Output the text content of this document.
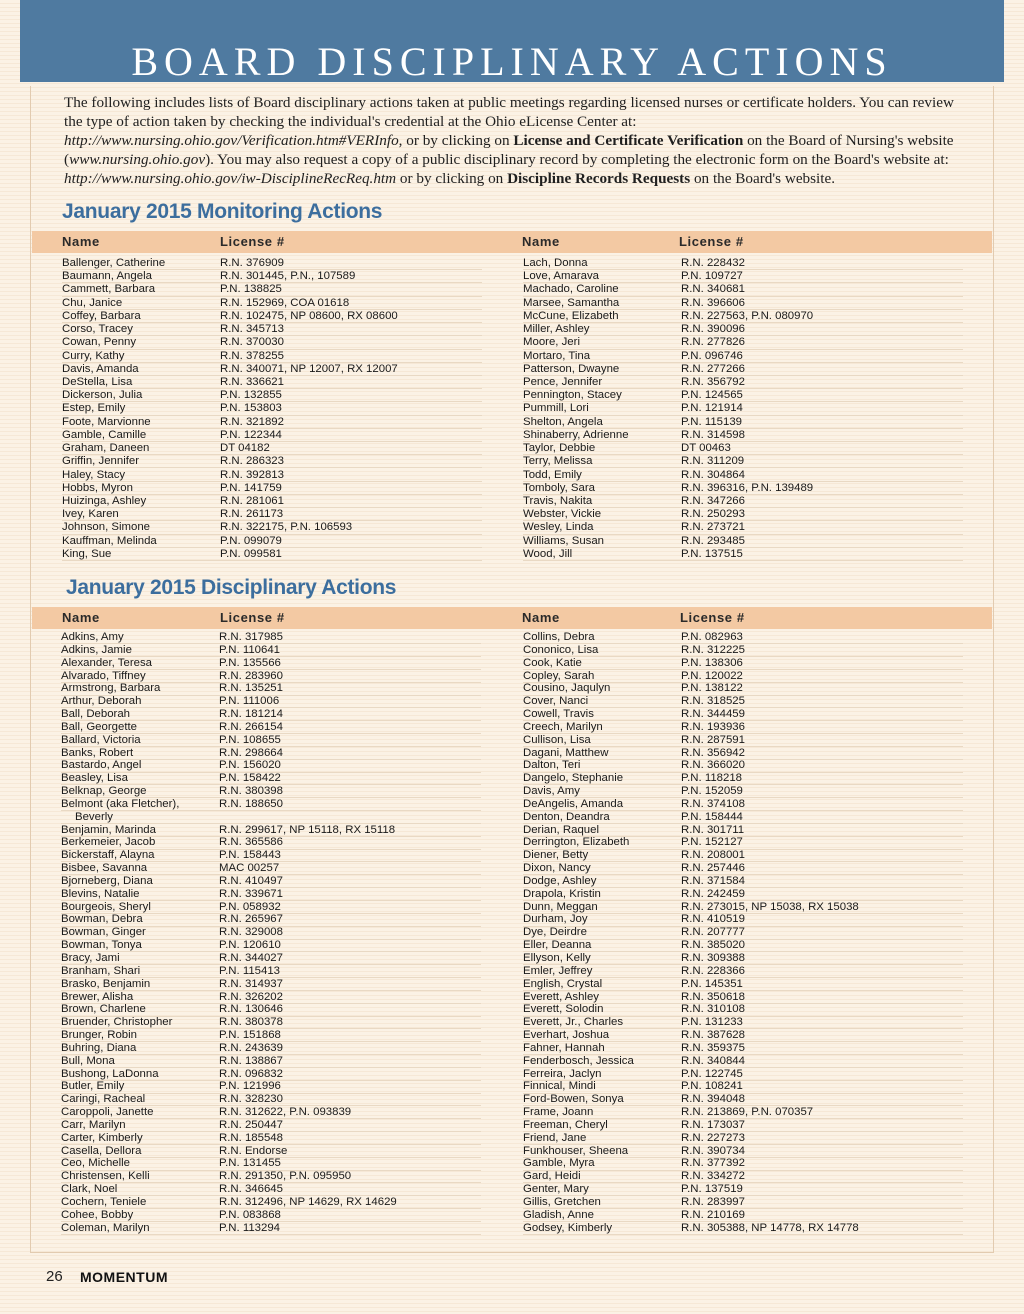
BOARD DISCIPLINARY ACTIONS
The following includes lists of Board disciplinary actions taken at public meetings regarding licensed nurses or certificate holders. You can review the type of action taken by checking the individual's credential at the Ohio eLicense Center at: http://www.nursing.ohio.gov/Verification.htm#VERInfo, or by clicking on License and Certificate Verification on the Board of Nursing's website (www.nursing.ohio.gov). You may also request a copy of a public disciplinary record by completing the electronic form on the Board's website at: http://www.nursing.ohio.gov/iw-DisciplineRecReq.htm or by clicking on Discipline Records Requests on the Board's website.
January 2015 Monitoring Actions
Name	License #	Name	License #
Ballenger, Catherine	R.N. 376909
Baumann, Angela	R.N. 301445, P.N., 107589
Cammett, Barbara	P.N. 138825
Chu, Janice	R.N. 152969, COA 01618
Coffey, Barbara	R.N. 102475, NP 08600, RX 08600
Corso, Tracey	R.N. 345713
Cowan, Penny	R.N. 370030
Curry, Kathy	R.N. 378255
Davis, Amanda	R.N. 340071, NP 12007, RX 12007
DeStella, Lisa	R.N. 336621
Dickerson, Julia	P.N. 132855
Estep, Emily	P.N. 153803
Foote, Marvionne	R.N. 321892
Gamble, Camille	P.N. 122344
Graham, Daneen	DT 04182
Griffin, Jennifer	R.N. 286323
Haley, Stacy	R.N. 392813
Hobbs, Myron	P.N. 141759
Huizinga, Ashley	R.N. 281061
Ivey, Karen	R.N. 261173
Johnson, Simone	R.N. 322175, P.N. 106593
Kauffman, Melinda	P.N. 099079
King, Sue	P.N. 099581
Lach, Donna	R.N. 228432
Love, Amarava	P.N. 109727
Machado, Caroline	R.N. 340681
Marsee, Samantha	R.N. 396606
McCune, Elizabeth	R.N. 227563, P.N. 080970
Miller, Ashley	R.N. 390096
Moore, Jeri	R.N. 277826
Mortaro, Tina	P.N. 096746
Patterson, Dwayne	R.N. 277266
Pence, Jennifer	R.N. 356792
Pennington, Stacey	P.N. 124565
Pummill, Lori	P.N. 121914
Shelton, Angela	P.N. 115139
Shinaberry, Adrienne	R.N. 314598
Taylor, Debbie	DT 00463
Terry, Melissa	R.N. 311209
Todd, Emily	R.N. 304864
Tomboly, Sara	R.N. 396316, P.N. 139489
Travis, Nakita	R.N. 347266
Webster, Vickie	R.N. 250293
Wesley, Linda	R.N. 273721
Williams, Susan	R.N. 293485
Wood, Jill	P.N. 137515
January 2015 Disciplinary Actions
Name	License #	Name	License #
Adkins, Amy	R.N. 317985
Adkins, Jamie	P.N. 110641
Alexander, Teresa	P.N. 135566
Alvarado, Tiffney	R.N. 283960
Armstrong, Barbara	R.N. 135251
Arthur, Deborah	P.N. 111006
Ball, Deborah	R.N. 181214
Ball, Georgette	R.N. 266154
Ballard, Victoria	P.N. 108655
Banks, Robert	R.N. 298664
Bastardo, Angel	P.N. 156020
Beasley, Lisa	P.N. 158422
Belknap, George	R.N. 380398
Belmont (aka Fletcher),	R.N. 188650
Beverly
Benjamin, Marinda	R.N. 299617, NP 15118, RX 15118
Berkemeier, Jacob	R.N. 365586
Bickerstaff, Alayna	P.N. 158443
Bisbee, Savanna	MAC 00257
Bjorneberg, Diana	R.N. 410497
Blevins, Natalie	R.N. 339671
Bourgeois, Sheryl	P.N. 058932
Bowman, Debra	R.N. 265967
Bowman, Ginger	R.N. 329008
Bowman, Tonya	P.N. 120610
Bracy, Jami	R.N. 344027
Branham, Shari	P.N. 115413
Brasko, Benjamin	R.N. 314937
Brewer, Alisha	R.N. 326202
Brown, Charlene	R.N. 130646
Bruender, Christopher	R.N. 380378
Brunger, Robin	P.N. 151868
Buhring, Diana	R.N. 243639
Bull, Mona	R.N. 138867
Bushong, LaDonna	R.N. 096832
Butler, Emily	P.N. 121996
Caringi, Racheal	R.N. 328230
Caroppoli, Janette	R.N. 312622, P.N. 093839
Carr, Marilyn	R.N. 250447
Carter, Kimberly	R.N. 185548
Casella, Dellora	R.N. Endorse
Ceo, Michelle	P.N. 131455
Christensen, Kelli	R.N. 291350, P.N. 095950
Clark, Noel	R.N. 346645
Cochern, Teniele	R.N. 312496, NP 14629, RX 14629
Cohee, Bobby	P.N. 083868
Coleman, Marilyn	P.N. 113294
Collins, Debra	P.N. 082963
Cononico, Lisa	R.N. 312225
Cook, Katie	P.N. 138306
Copley, Sarah	P.N. 120022
Cousino, Jaqulyn	P.N. 138122
Cover, Nanci	R.N. 318525
Cowell, Travis	R.N. 344459
Creech, Marilyn	R.N. 193936
Cullison, Lisa	R.N. 287591
Dagani, Matthew	R.N. 356942
Dalton, Teri	R.N. 366020
Dangelo, Stephanie	P.N. 118218
Davis, Amy	P.N. 152059
DeAngelis, Amanda	R.N. 374108
Denton, Deandra	P.N. 158444
Derian, Raquel	R.N. 301711
Derrington, Elizabeth	P.N. 152127
Diener, Betty	R.N. 208001
Dixon, Nancy	R.N. 257446
Dodge, Ashley	R.N. 371584
Drapola, Kristin	R.N. 242459
Dunn, Meggan	R.N. 273015, NP 15038, RX 15038
Durham, Joy	R.N. 410519
Dye, Deirdre	R.N. 207777
Eller, Deanna	R.N. 385020
Ellyson, Kelly	R.N. 309388
Emler, Jeffrey	R.N. 228366
English, Crystal	P.N. 145351
Everett, Ashley	R.N. 350618
Everett, Solodin	R.N. 310108
Everett, Jr., Charles	P.N. 131233
Everhart, Joshua	R.N. 387628
Fahner, Hannah	R.N. 359375
Fenderbosch, Jessica	R.N. 340844
Ferreira, Jaclyn	P.N. 122745
Finnical, Mindi	P.N. 108241
Ford-Bowen, Sonya	R.N. 394048
Frame, Joann	R.N. 213869, P.N. 070357
Freeman, Cheryl	R.N. 173037
Friend, Jane	R.N. 227273
Funkhouser, Sheena	R.N. 390734
Gamble, Myra	R.N. 377392
Gard, Heidi	R.N. 334272
Genter, Mary	P.N. 137519
Gillis, Gretchen	R.N. 283997
Gladish, Anne	R.N. 210169
Godsey, Kimberly	R.N. 305388, NP 14778, RX 14778
26 MOMENTUM
